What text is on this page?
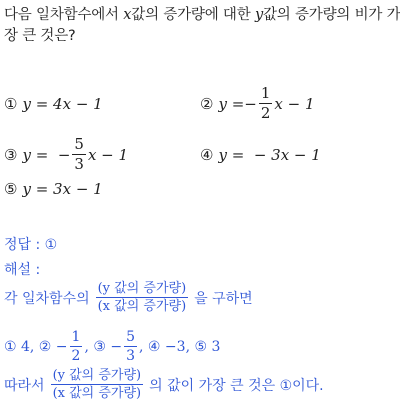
다음 일차함수에서 x값의 증가량에 대한 y값의 증가량의 비가 가
장 큰 것은?
① y =
4x − 1	② y = − $\frac{1}{2}$ x − 1
③ y =
− $\frac{5}{3}$ x − 1	④ y =
− 3x − 1
⑤ y =
3x − 1
정답 : ①
해설 :
각 일차함수의 $\frac{\text{(y 값의 증가량)}}{\text{(x 값의 증가량)}}$ 을 구하면
① 4, ② − $\frac{1}{2}$ , ③ − $\frac{5}{3}$ , ④ −3, ⑤ 3
따라서 $\frac{\text{(y 값의 증가량)}}{\text{(x 값의 증가량)}}$ 의 값이 가장 큰 것은 ①이다.
